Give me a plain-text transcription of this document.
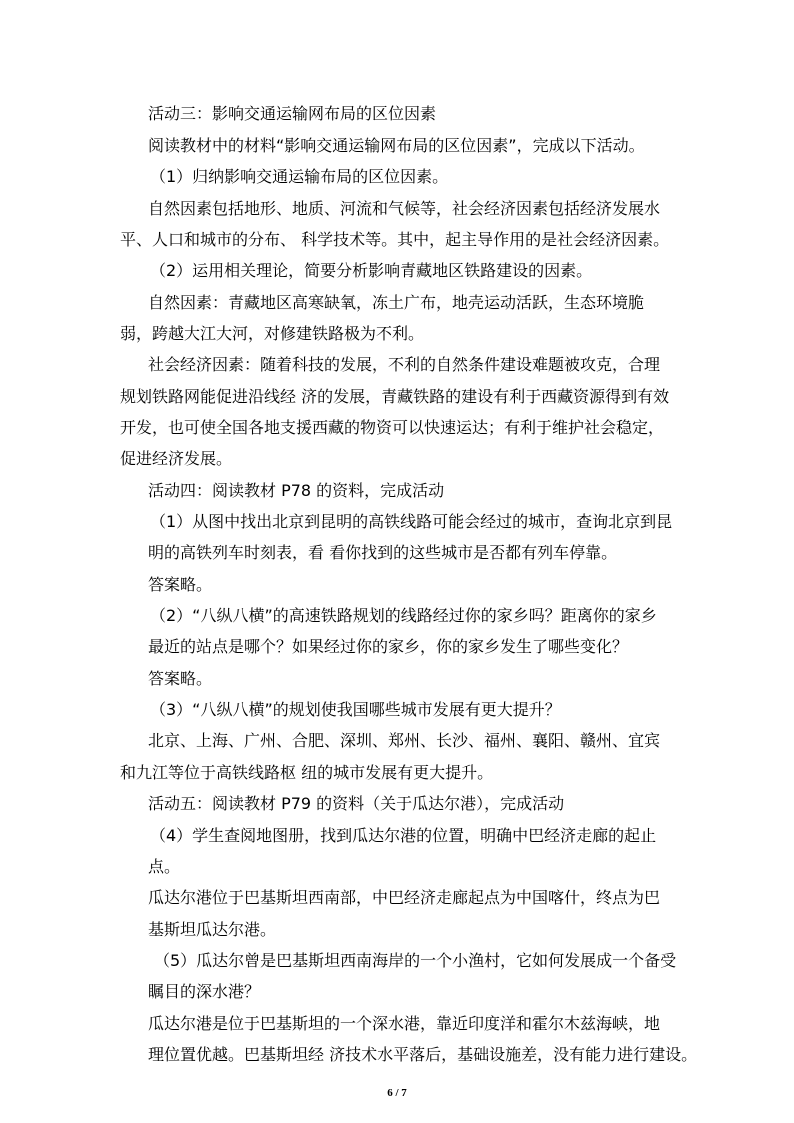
活动三：影响交通运输网布局的区位因素

阅读教材中的材料“影响交通运输网布局的区位因素”，完成以下活动。

（1）归纳影响交通运输布局的区位因素。

自然因素包括地形、地质、河流和气候等，社会经济因素包括经济发展水

平、人口和城市的分布、 科学技术等。其中，起主导作用的是社会经济因素。

（2）运用相关理论，简要分析影响青藏地区铁路建设的因素。

自然因素：青藏地区高寒缺氧，冻土广布，地壳运动活跃，生态环境脆

弱，跨越大江大河，对修建铁路极为不利。

社会经济因素：随着科技的发展，不利的自然条件建设难题被攻克，合理

规划铁路网能促进沿线经 济的发展，青藏铁路的建设有利于西藏资源得到有效

开发，也可使全国各地支援西藏的物资可以快速运达；有利于维护社会稳定，

促进经济发展。

活动四：阅读教材 P78 的资料，完成活动

（1）从图中找出北京到昆明的高铁线路可能会经过的城市，查询北京到昆

明的高铁列车时刻表，看 看你找到的这些城市是否都有列车停靠。

答案略。

（2）“八纵八横”的高速铁路规划的线路经过你的家乡吗？距离你的家乡

最近的站点是哪个？如果经过你的家乡，你的家乡发生了哪些变化？

答案略。

（3）“八纵八横”的规划使我国哪些城市发展有更大提升？

北京、上海、广州、合肥、深圳、郑州、长沙、福州、襄阳、赣州、宜宾

和九江等位于高铁线路枢 纽的城市发展有更大提升。

活动五：阅读教材 P79 的资料（关于瓜达尔港），完成活动

（4）学生查阅地图册，找到瓜达尔港的位置，明确中巴经济走廊的起止

点。

瓜达尔港位于巴基斯坦西南部，中巴经济走廊起点为中国喀什，终点为巴

基斯坦瓜达尔港。

（5）瓜达尔曾是巴基斯坦西南海岸的一个小渔村，它如何发展成一个备受

瞩目的深水港？

瓜达尔港是位于巴基斯坦的一个深水港，靠近印度洋和霍尔木兹海峡，地

理位置优越。巴基斯坦经 济技术水平落后，基础设施差，没有能力进行建设。

6 / 7
